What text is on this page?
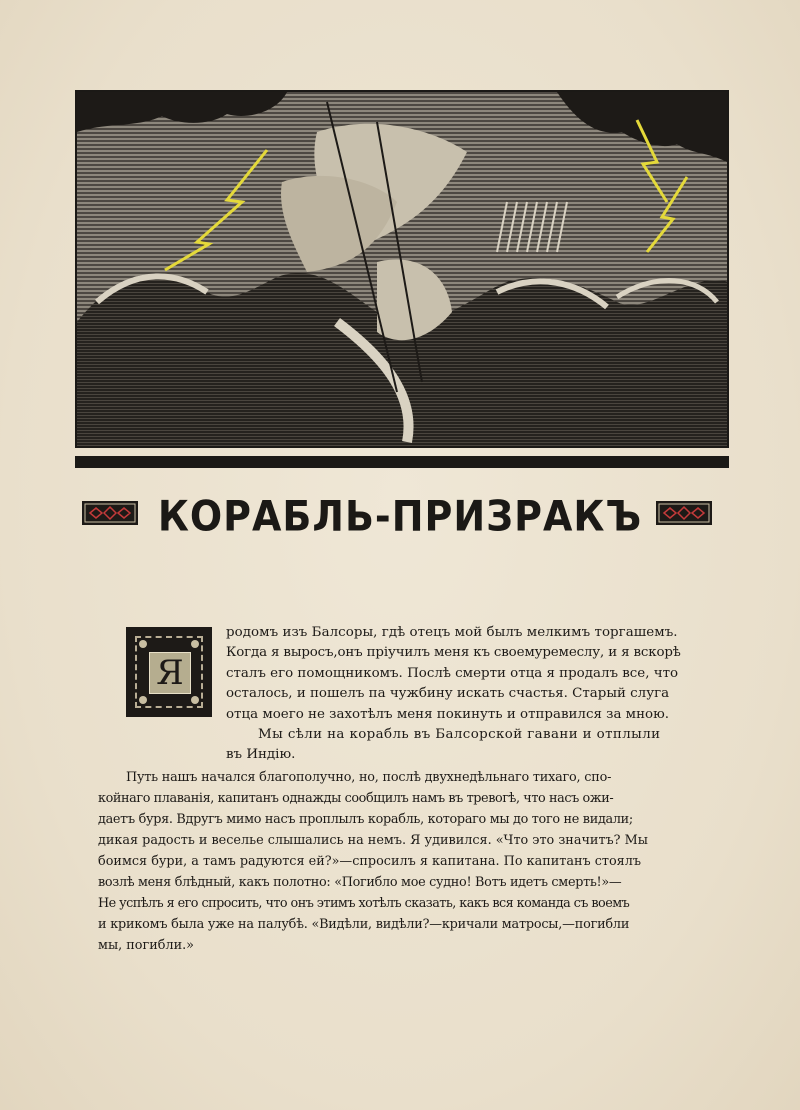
КОРАБЛЬ-ПРИЗРАКЪ
Я
родомъ изъ Балсоры, гдѣ отецъ мой былъ мелкимъ торгашемъ.
Когда я выросъ,онъ пріучилъ меня къ своемуремеслу, и я вскорѣ
сталъ его помощникомъ. Послѣ смерти отца я продалъ все, что
осталось, и пошелъ па чужбину искать счастья. Старый слуга
отца моего не захотѣлъ меня покинуть и отправился за мною.
Мы сѣли на корабль въ Балсорской гавани и отплыли
въ Индію.
Путь нашъ начался благополучно, но, послѣ двухнедѣльнаго тихаго, спо-
койнаго плаванія, капитанъ однажды сообщилъ намъ въ тревогѣ, что насъ ожи-
даетъ буря. Вдругъ мимо насъ проплылъ корабль, котораго мы до того не видали;
дикая радость и веселье слышались на немъ. Я удивился. «Что это значитъ? Мы
боимся бури, а тамъ радуются ей?»—спросилъ я капитана. По капитанъ стоялъ
возлѣ меня блѣдный, какъ полотно: «Погибло мое судно! Вотъ идетъ смерть!»—
Не успѣлъ я его спросить, что онъ этимъ хотѣлъ сказать, какъ вся команда съ воемъ
и крикомъ была уже на палубѣ. «Видѣли, видѣли?—кричали матросы,—погибли
мы, погибли.»
